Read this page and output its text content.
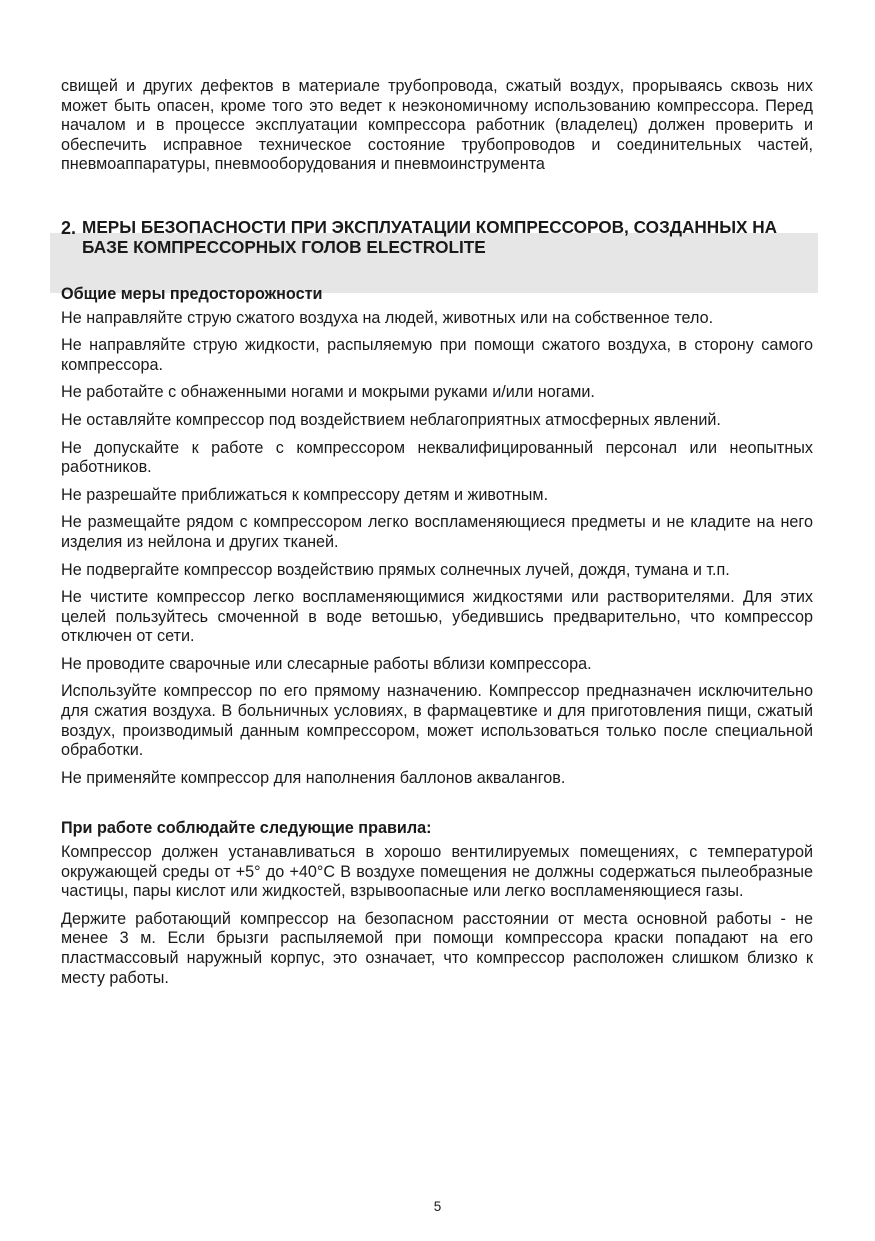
свищей и других дефектов в материале трубопровода, сжатый воздух, прорываясь сквозь них может быть опасен, кроме того это ведет к неэкономичному использованию компрессора. Перед началом и в процессе эксплуатации компрессора работник (владелец) должен проверить и обеспечить исправное техническое состояние трубопроводов и соединительных частей, пневмоаппаратуры, пневмооборудования и пневмоинструмента

2. МЕРЫ БЕЗОПАСНОСТИ ПРИ ЭКСПЛУАТАЦИИ КОМПРЕССОРОВ, СОЗДАННЫХ НА БАЗЕ КОМПРЕССОРНЫХ ГОЛОВ ELECTROLITE

Общие меры предосторожности

Не направляйте струю сжатого воздуха на людей, животных или на собственное тело.

Не направляйте струю жидкости, распыляемую при помощи сжатого воздуха, в сторону самого компрессора.

Не работайте с обнаженными ногами и мокрыми руками и/или ногами.

Не оставляйте компрессор под воздействием неблагоприятных атмосферных явлений.

Не допускайте к работе с компрессором неквалифицированный персонал или неопытных работников.

Не разрешайте приближаться к компрессору детям и животным.

Не размещайте рядом с компрессором легко воспламеняющиеся предметы и не кладите на него изделия из нейлона и других тканей.

Не подвергайте компрессор воздействию прямых солнечных лучей, дождя, тумана и т.п.

Не чистите компрессор легко воспламеняющимися жидкостями или растворителями. Для этих целей пользуйтесь смоченной в воде ветошью, убедившись предварительно, что компрессор отключен от сети.

Не проводите сварочные или слесарные работы вблизи компрессора.

Используйте компрессор по его прямому назначению. Компрессор предназначен исключительно для сжатия воздуха. В больничных условиях, в фармацевтике и для приготовления пищи, сжатый воздух, производимый данным компрессором, может использоваться только после специальной обработки.

Не применяйте компрессор для наполнения баллонов аквалангов.

При работе соблюдайте следующие правила:

Компрессор должен устанавливаться в хорошо вентилируемых помещениях, с температурой окружающей среды от +5° до +40°С В воздухе помещения не должны содержаться пылеобразные частицы, пары кислот или жидкостей, взрывоопасные или легко воспламеняющиеся газы.

Держите работающий компрессор на безопасном расстоянии от места основной работы - не менее 3 м. Если брызги распыляемой при помощи компрессора краски попадают на его пластмассовый наружный корпус, это означает, что компрессор расположен слишком близко к месту работы.

5
